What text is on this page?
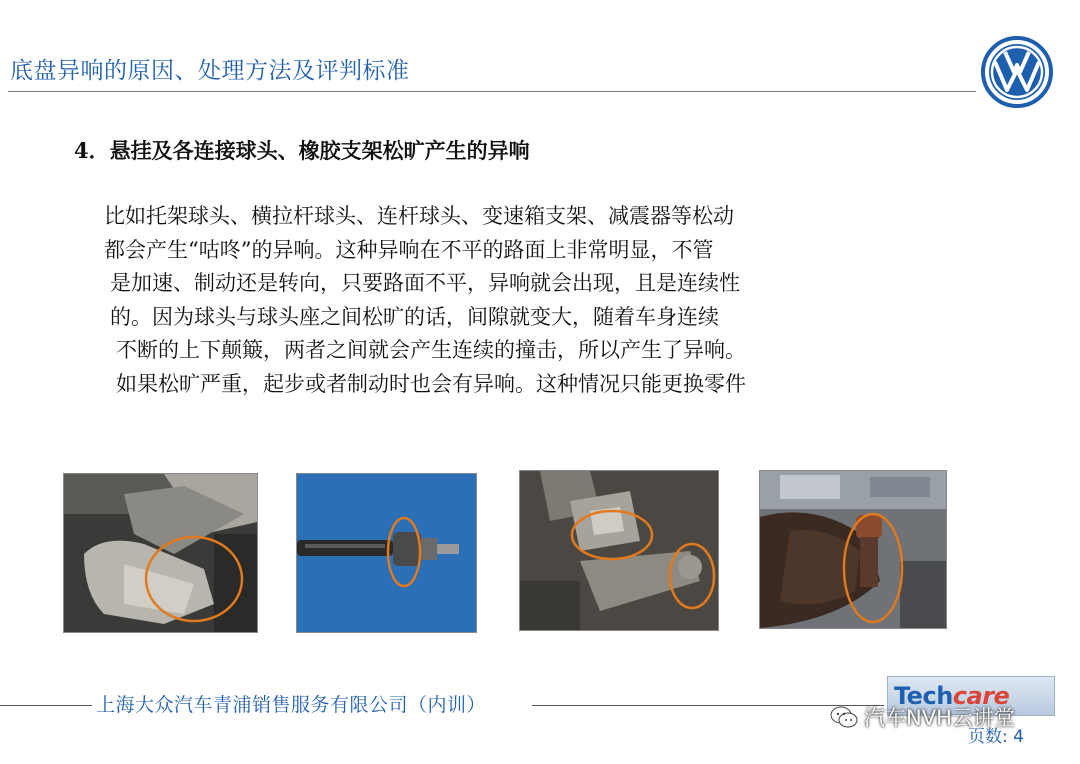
底盘异响的原因、处理方法及评判标准
4．悬挂及各连接球头、橡胶支架松旷产生的异响
比如托架球头、横拉杆球头、连杆球头、变速箱支架、减震器等松动
都会产生“咕咚”的异响。这种异响在不平的路面上非常明显，不管
是加速、制动还是转向，只要路面不平，异响就会出现，且是连续性
的。因为球头与球头座之间松旷的话，间隙就变大，随着车身连续
不断的上下颠簸，两者之间就会产生连续的撞击，所以产生了异响。
如果松旷严重，起步或者制动时也会有异响。这种情况只能更换零件
上海大众汽车青浦销售服务有限公司（内训）	Techcare
页数: 4
汽车NVH云讲堂
